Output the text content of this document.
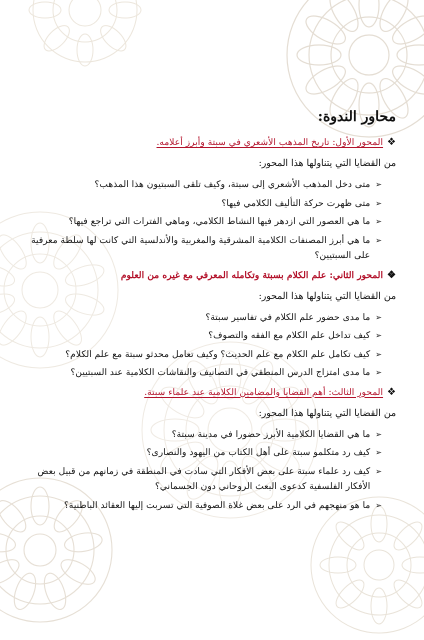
محاور الندوة:
❖
المحور الأول: تاريخ المذهب الأشعري في سبتة وأبرز أعلامه.
من القضايا التي يتناولها هذا المحور:
➢
متى دخل المذهب الأشعري إلى سبتة، وكيف تلقى السبتيون هذا المذهب؟
➢
متى ظهرت حركة التأليف الكلامي فيها؟
➢
ما هي العصور التي ازدهر فيها النشاط الكلامي، وماهي الفترات التي تراجع فيها؟
➢
ما هي أبرز المصنفات الكلامية المشرقية والمغربية والأندلسية التي كانت لها سلطة معرفية على السبتيين؟
❖
المحور الثاني: علم الكلام بسبتة وتكامله المعرفي مع غيره من العلوم
من القضايا التي يتناولها هذا المحور:
➢
ما مدى حضور علم الكلام في تفاسير سبتة؟
➢
كيف تداخل علم الكلام مع الفقه والتصوف؟
➢
كيف تكامل علم الكلام مع علم الحديث؟ وكيف تعامل محدثو سبتة مع علم الكلام؟
➢
ما مدى امتزاج الدرس المنطقي في التصانيف والنقاشات الكلامية عند السبتيين؟
❖
المحور الثالث: أهم القضايا والمضامين الكلامية عند علماء سبتة.
من القضايا التي يتناولها هذا المحور:
➢
ما هي القضايا الكلامية الأبرز حضورا في مدينة سبتة؟
➢
كيف رد متكلمو سبتة على أهل الكتاب من اليهود والنصارى؟
➢
كيف رد علماء سبتة على بعض الأفكار التي سادت في المنطقة في زمانهم من قبيل بعض الأفكار الفلسفية كدعوى البعث الروحاني دون الجسماني؟
➢
ما هو منهجهم في الرد على بعض غلاة الصوفية التي تسربت إليها العقائد الباطنية؟
